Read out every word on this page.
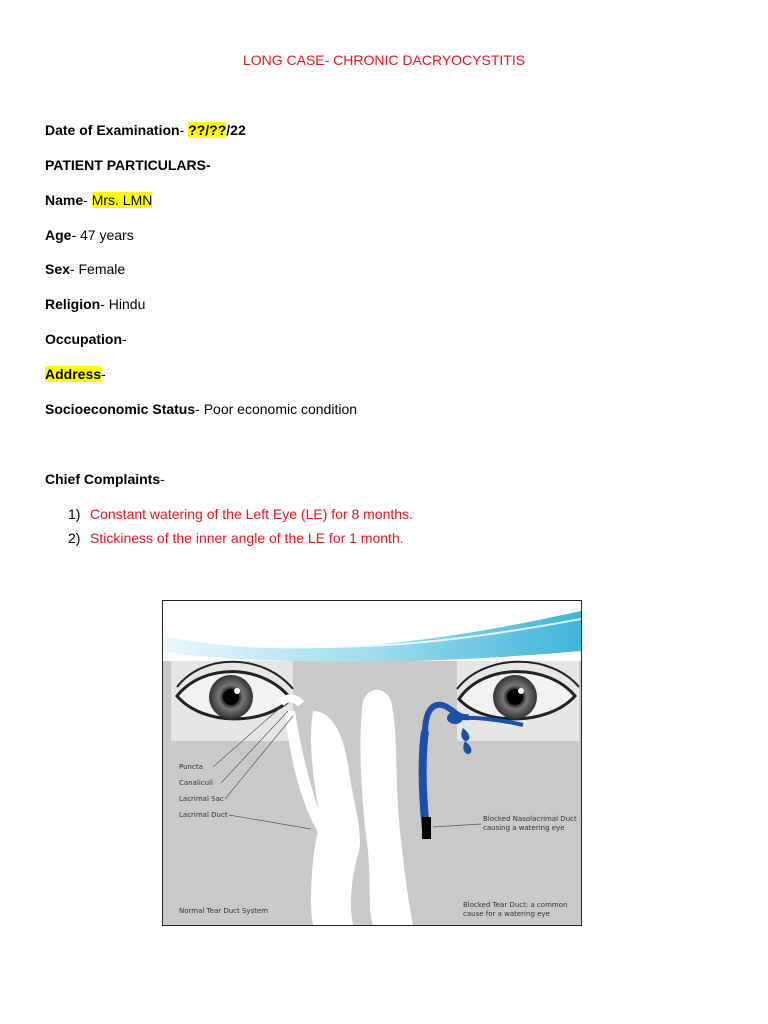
LONG CASE- CHRONIC DACRYOCYSTITIS
Date of Examination- ??/??/22
PATIENT PARTICULARS-
Name- Mrs. LMN
Age- 47 years
Sex- Female
Religion- Hindu
Occupation-
Address-
Socioeconomic Status- Poor economic condition
Chief Complaints-
1) Constant watering of the Left Eye (LE) for 8 months.
2) Stickiness of the inner angle of the LE for 1 month.
Puncta
Canaliculi
Lacrimal Sac
Lacrimal Duct	Blocked Nasolacrimal Duct
causing a watering eye
Normal Tear Duct System
Blocked Tear Duct: a common
cause for a watering eye
